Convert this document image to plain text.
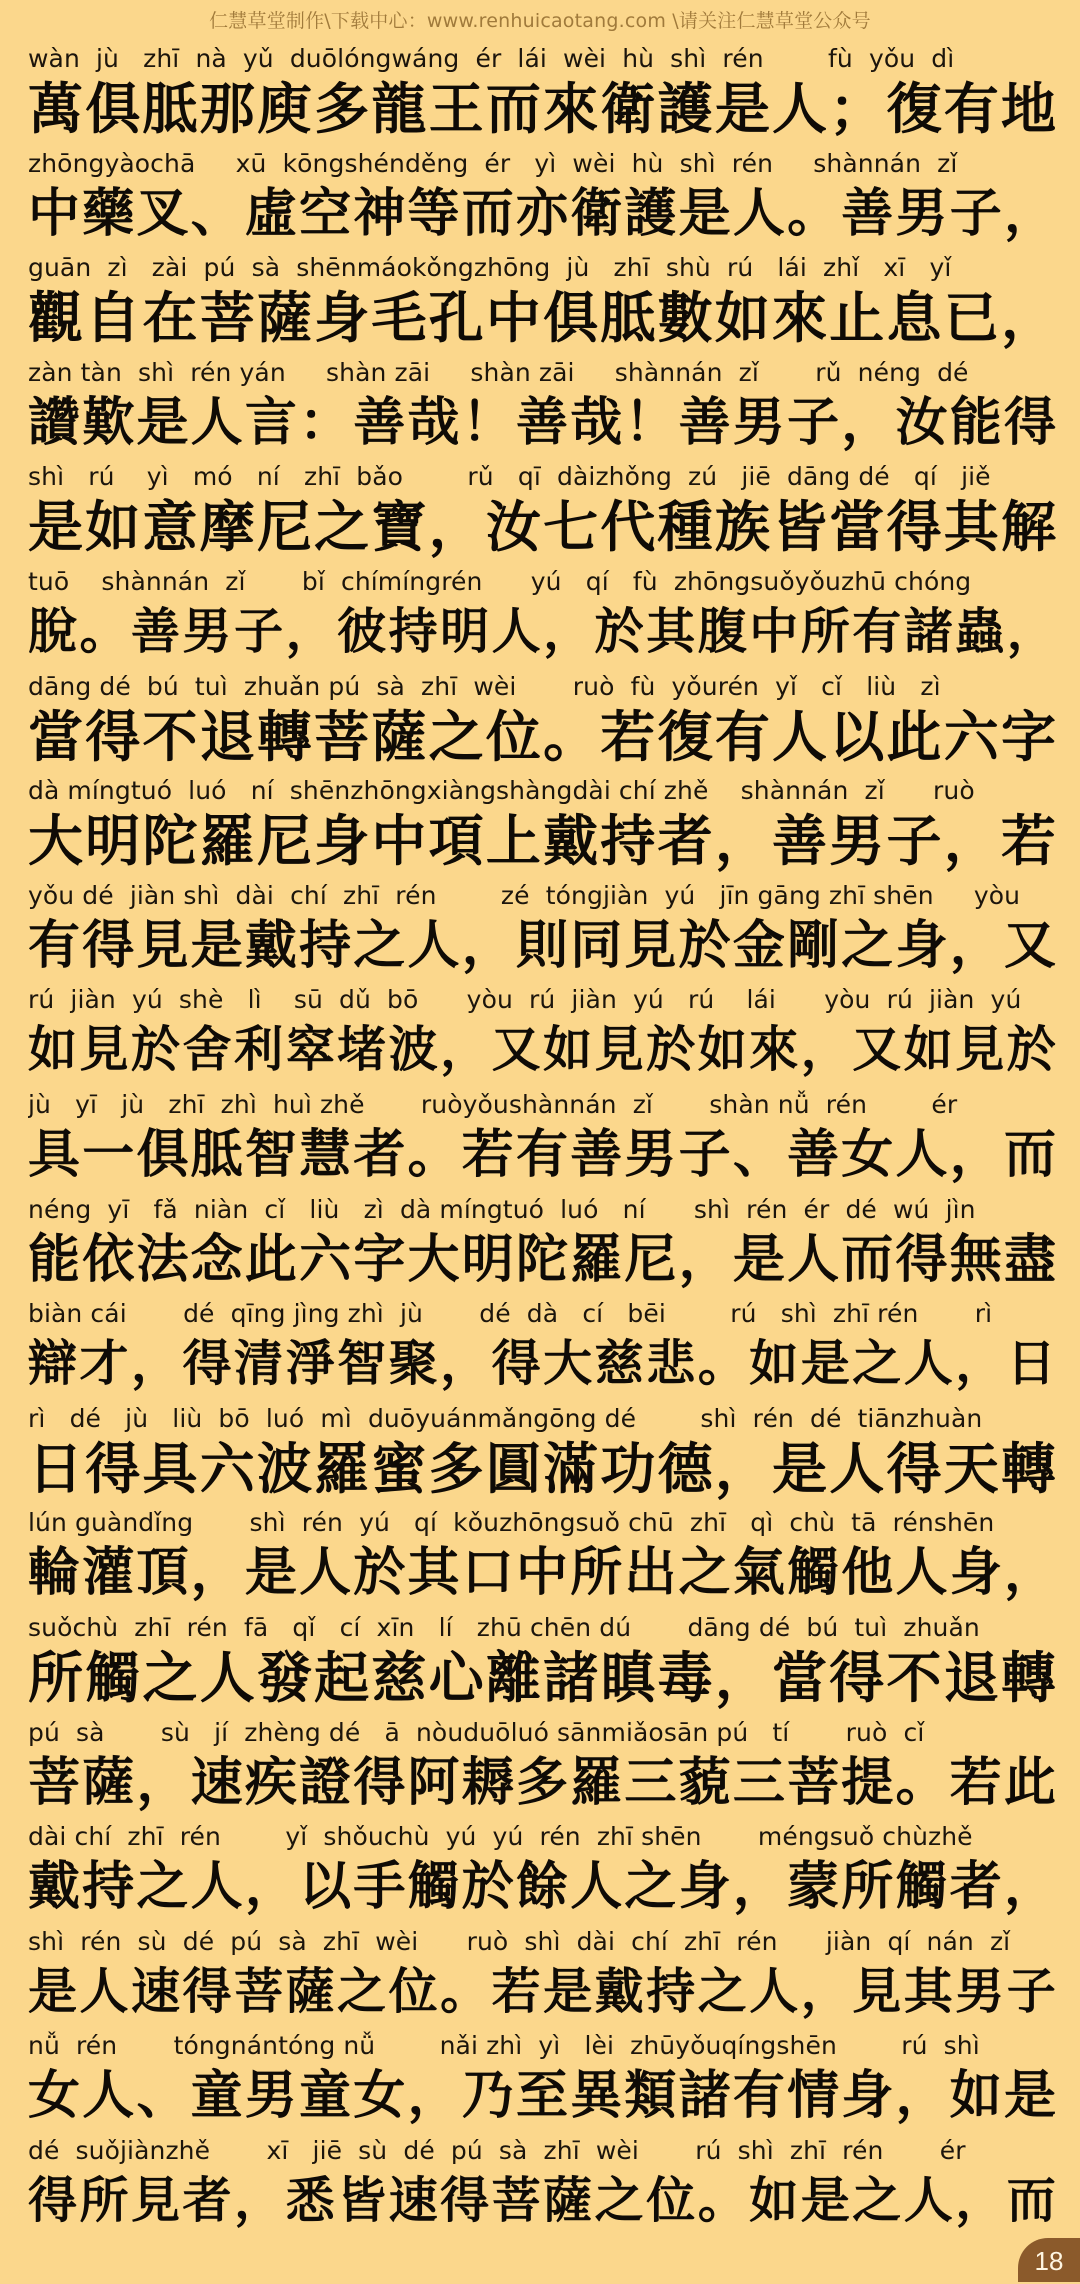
仁慧草堂制作\下载中心：www.renhuicaotang.com \请关注仁慧草堂公众号
wàn  jù   zhī  nà  yǔ  duōlóngwáng  ér  lái  wèi  hù  shì  rén        fù  yǒu  dì
萬 俱 胝 那 庾 多 龍 王 而 來 衛 護 是 人 ； 復 有 地
zhōngyàochā     xū  kōngshénděng  ér   yì  wèi  hù  shì  rén     shànnán  zǐ
中 藥 叉 、 虛 空 神 等 而 亦 衛 護 是 人 。 善 男 子 ，
guān  zì   zài  pú  sà  shēnmáokǒngzhōng  jù   zhī  shù  rú   lái  zhǐ   xī   yǐ
觀 自 在 菩 薩 身 毛 孔 中 俱 胝 數 如 來 止 息 已 ，
zàn tàn  shì  rén yán     shàn zāi     shàn zāi     shànnán  zǐ       rǔ  néng  dé
讚 歎 是 人 言 ： 善 哉 ！ 善 哉 ！ 善 男 子 ， 汝 能 得
shì   rú    yì   mó   ní   zhī  bǎo        rǔ   qī  dàizhǒng  zú   jiē  dāng dé   qí   jiě
是 如 意 摩 尼 之 寶 ， 汝 七 代 種 族 皆 當 得 其 解
tuō    shànnán  zǐ       bǐ  chímíngrén      yú   qí   fù  zhōngsuǒyǒuzhū chóng
脫 。 善 男 子 ， 彼 持 明 人 ， 於 其 腹 中 所 有 諸 蟲 ，
dāng dé  bú  tuì  zhuǎn pú  sà  zhī  wèi       ruò  fù  yǒurén  yǐ   cǐ   liù   zì
當 得 不 退 轉 菩 薩 之 位 。 若 復 有 人 以 此 六 字
dà míngtuó  luó   ní  shēnzhōngxiàngshàngdài chí zhě    shànnán  zǐ      ruò
大 明 陀 羅 尼 身 中 項 上 戴 持 者 ， 善 男 子 ， 若
yǒu dé  jiàn shì  dài  chí  zhī  rén        zé  tóngjiàn  yú   jīn gāng zhī shēn     yòu
有 得 見 是 戴 持 之 人 ， 則 同 見 於 金 剛 之 身 ， 又
rú  jiàn  yú  shè   lì    sū  dǔ  bō      yòu  rú  jiàn  yú   rú    lái      yòu  rú  jiàn  yú
如 見 於 舍 利 窣 堵 波 ， 又 如 見 於 如 來 ， 又 如 見 於
jù   yī   jù   zhī  zhì  huì zhě       ruòyǒushànnán  zǐ       shàn nǚ  rén        ér
具 一 俱 胝 智 慧 者 。 若 有 善 男 子 、 善 女 人 ， 而
néng  yī   fǎ  niàn  cǐ   liù   zì  dà míngtuó  luó   ní      shì  rén  ér  dé  wú  jìn
能 依 法 念 此 六 字 大 明 陀 羅 尼 ， 是 人 而 得 無 盡
biàn cái       dé  qīng jìng zhì  jù       dé  dà   cí   bēi        rú   shì  zhī rén       rì
辯 才 ， 得 清 淨 智 聚 ， 得 大 慈 悲 。 如 是 之 人 ， 日
rì   dé   jù   liù  bō  luó  mì  duōyuánmǎngōng dé        shì  rén  dé  tiānzhuàn
日 得 具 六 波 羅 蜜 多 圓 滿 功 德 ， 是 人 得 天 轉
lún guàndǐng       shì  rén  yú   qí  kǒuzhōngsuǒ chū  zhī   qì  chù  tā  rénshēn
輪 灌 頂 ， 是 人 於 其 口 中 所 出 之 氣 觸 他 人 身 ，
suǒchù  zhī  rén  fā   qǐ   cí  xīn   lí   zhū chēn dú       dāng dé  bú  tuì  zhuǎn
所 觸 之 人 發 起 慈 心 離 諸 瞋 毒 ， 當 得 不 退 轉
pú  sà       sù   jí  zhèng dé   ā  nòuduōluó sānmiǎosān pú   tí       ruò  cǐ
菩 薩 ， 速 疾 證 得 阿 耨 多 羅 三 藐 三 菩 提 。 若 此
dài chí  zhī  rén        yǐ  shǒuchù  yú  yú  rén  zhī shēn       méngsuǒ chùzhě
戴 持 之 人 ， 以 手 觸 於 餘 人 之 身 ， 蒙 所 觸 者 ，
shì  rén  sù  dé  pú  sà  zhī  wèi      ruò  shì  dài  chí  zhī  rén      jiàn  qí  nán  zǐ
是 人 速 得 菩 薩 之 位 。 若 是 戴 持 之 人 ， 見 其 男 子
nǚ  rén       tóngnántóng nǚ        nǎi zhì  yì   lèi  zhūyǒuqíngshēn        rú  shì
女 人 、 童 男 童 女 ， 乃 至 異 類 諸 有 情 身 ， 如 是
dé  suǒjiànzhě       xī   jiē  sù  dé  pú  sà  zhī  wèi       rú  shì  zhī  rén       ér
得 所 見 者 ， 悉 皆 速 得 菩 薩 之 位 。 如 是 之 人 ， 而
18
